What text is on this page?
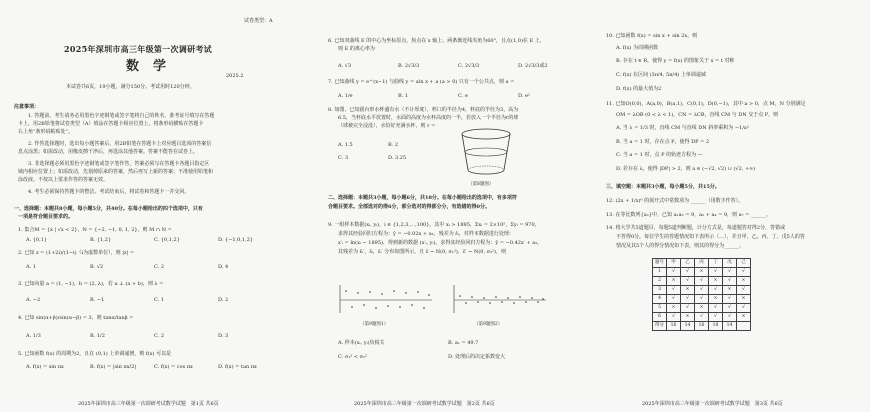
试卷类型：A
2025年深圳市高三年级第一次调研考试
数学
2025.2
本试卷共6页，19小题，满分150分。考试用时120分钟。
注意事项：
1. 答题前，考生请务必用黑色字迹钢笔或签字笔将自己的姓名、准考证号填写在答题
卡上，用2B铅笔将试卷类型（A）填涂在答题卡相应位置上。将条形码横贴在答题卡
右上角“条形码粘贴处”。
2. 作答选择题时，选出每小题答案后，用2B铅笔在答题卡上对应题目选项的答案信
息点涂黑；如需改动，用橡皮擦干净后，再选涂其他答案。答案不能答在试卷上。
3. 非选择题必须用黑色字迹钢笔或签字笔作答，答案必须写在答题卡各题目指定区
域内相应位置上；如需改动，先划掉原来的答案，然后再写上新的答案；不准使用铅笔和
涂改液。不按以上要求作答的答案无效。
4. 考生必须保持答题卡的整洁。考试结束后，将试卷和答题卡一并交回。
一、选择题：本题共8小题，每小题5分，共40分。在每小题给出的四个选项中，只有
一项是符合题目要求的。
1. 集合M = {x | √x < 2}，N = {−2, −1, 0, 1, 2}，则 M ∩ N =
A. {0,1}	B. {1,2}	C. {0,1,2}	D. {−1,0,1,2}
2. 已知 z = (1+2i)/(1−i)（i为虚数单位），则 |z| =
A. 1	B. √2	C. 2	D. 4
3. 已知向量 a = (1, −1)，b = (2, λ)，若 a ⊥ (a + b)，则 λ =
A. −2	B. −1	C. 1	D. 2
4. 已知 sin(α+β)/sin(α−β) = 3，则 tanα/tanβ =
A. 1/3	B. 1/2	C. 2	D. 3
5. 已知函数 f(x) 的周期为2，且在 (0,1) 上单调递增，则 f(x) 可以是
A. f(x) = sin πx	B. f(x) = |sin πx/2|	C. f(x) = cos πx	D. f(x) = tan πx
2025年深圳市高三年级第一次调研考试数学试题　第1页 共6页
6. 已知双曲线 E 的中心为坐标原点，焦点在 x 轴上，两条渐近线夹角为60°，且点(1,0)在 E 上，
则 E 的离心率为
A. √3	B. 2√3/3	C. 2√3/3	D. 2√3/3或2
7. 已知曲线 y = e^(x−1) 与曲线 y = aln x + a (a > 0) 只有一个公共点，则 a =
A. 1/e	B. 1	C. e	D. e²
8. 如图，已知圆台形水杯盛有水（不计厚度），杯口的半径为4，杯底的半径为3，高为
6.5，当杯底水平放置时，水面的高度为水杯高度的一半，若放入一个半径为r的球
（球被完全浸没），水恰好充满水杯，则 r =
A. 1.5	B. 2
C. 3	D. 3.25
（第8题图）
二、选择题：本题共3小题，每小题6分，共18分。在每小题给出的选项中，有多项符
合题目要求。全部选对的得6分，部分选对的得部分分，有选错的得0分。
9. 一组样本数据(xᵢ, yᵢ)，i ∈ {1,2,3,…,100}，其中 xᵢ > 1895，Σxᵢ = 2×10⁵，Σyᵢ = 970，
求得其经验回归方程为：ŷ = −0.02x + a₁，残差为 ε̂ᵢ，对样本数据进行处理：
x′ᵢ = ln(xᵢ − 1895)，得到新的数据 (x′ᵢ, yᵢ)，求得其经验回归方程为：ŷ = −0.42x′ + a₂，
其残差为 ε̂ᵢ′，ε̂ᵢ，ε̂ᵢ′ 分布如图所示，且 ε̂ ~ N(0, σ₁²)，ε̂′ ~ N(0, σ₂²)，则
（第9题图1）	（第9题图2）
A. 样本(xᵢ, yᵢ)负相关	B. a₁ = 49.7
C. σ₁² < σ₂²	D. 处理后的决定系数变大
2025年深圳市高三年级第一次调研考试数学试题　第2页 共6页
10. 已知函数 f(x) = sin x + sin 2x，则
A. f(x) 为周期函数
B. 存在 t ∈ R，使得 y = f(x) 的图象关于 x = t 对称
C. f(x) 在区间 (3π/4, 5π/4) 上单调递减
D. f(x) 的最大值为2
11. 已知O(0,0)，A(a,0)，B(a,1)，C(0,1)，D(0,−1)，其中 a > 0，点 M，N 分别满足
OM = λOB (0 < λ < 1)，CN = λCB，直线 CM 与 DN 交于点 P，则
A. 当 λ = 1/3 时，直线 CM 与直线 DN 斜率乘积为 −1/a²
B. 当 a = 1 时，存在点 P，使得 DP = 2
C. 当 a = 1 时，点 P 的轨迹方程为 —
D. 若存在 λ，使得 |DP| > 2，则 a ∈ (−√2, √2) ∪ (√2, +∞)
三、填空题：本题共3小题，每小题5分，共15分。
12. (2x + 1/x)⁶ 的展开式中常数项为 ______（用数字作答）。
13. 在等比数列{aₙ}中，已知 a₁a₃ = 9，a₂ + a₄ = 9，则 a₇ = ______。
14. 将大学共5道题目，每题5道判断题，计分方式是，每道题答对得2分，答错或
不答得0分，每位学生的答题情况如下表所示（…），并且甲、乙、丙、丁、戊5人的答
情况及其5个人的得分情况如下表，则其的得分为______。
题号	甲	乙	丙	丁	戊	己
1	√	√	×	√	√	√
2	×	√	√	×	√	×
3	√	×	√	√	×	√
4	√	√	√	×	√	×
5	×	√	×	√	√	√
6	√	×	√	√	√	×
得分	16	14	16	18	14	
2025年深圳市高三年级第一次调研考试数学试题　第3页 共6页
